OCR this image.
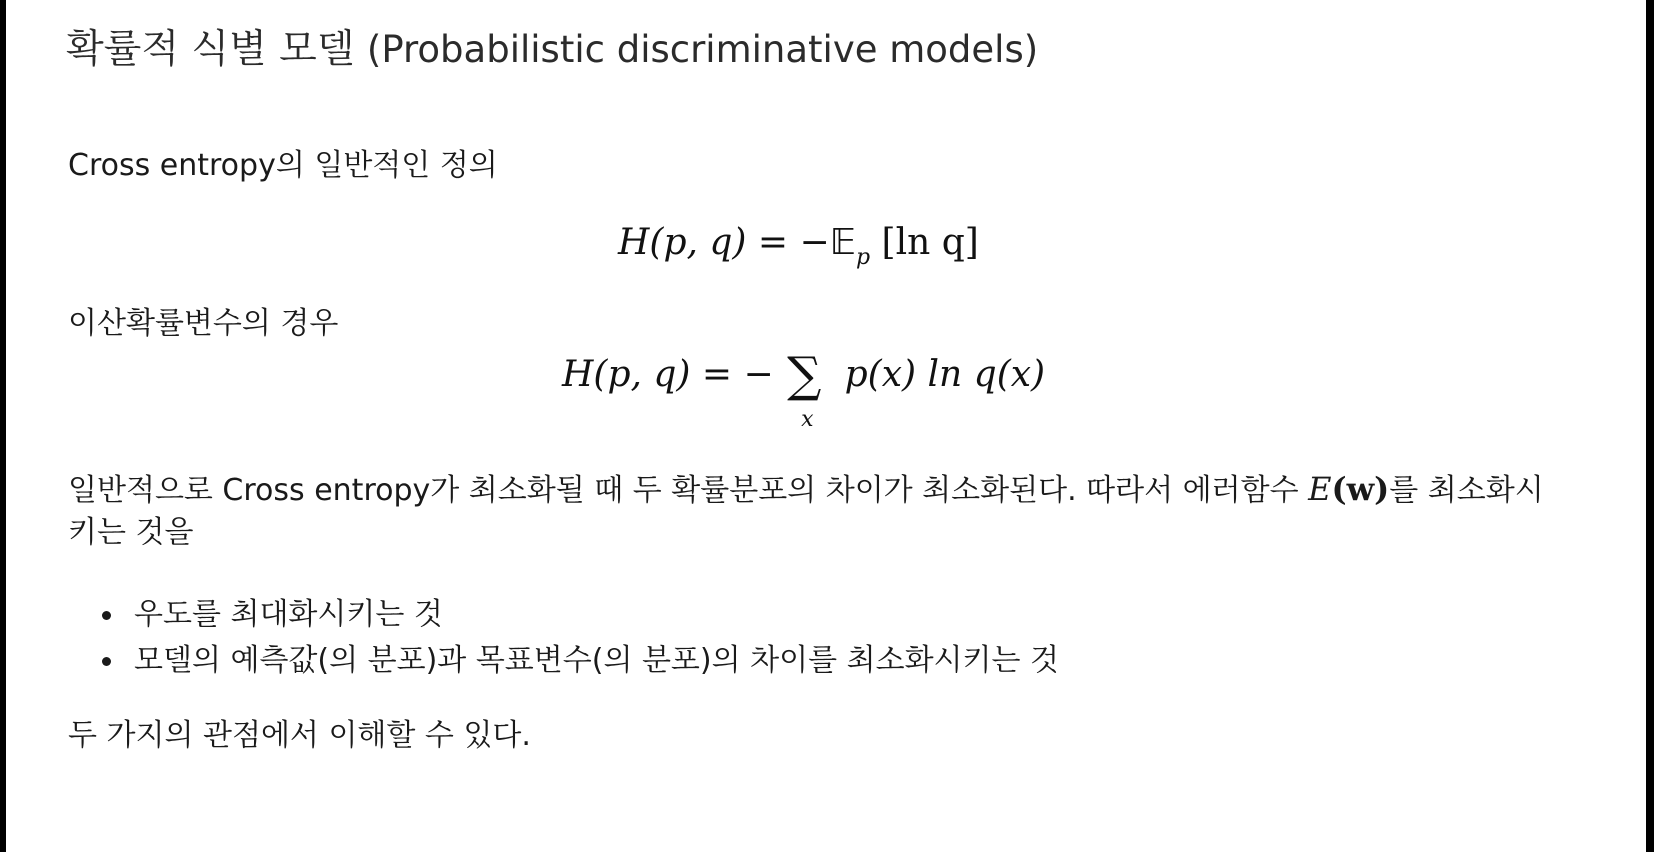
확률적 식별 모델 (Probabilistic discriminative models)
Cross entropy의 일반적인 정의
H(p, q) = −𝔼$_p$ [ln q]
이산확률변수의 경우
H(p, q) = − ∑
x
p(x) ln q(x)
일반적으로 Cross entropy가 최소화될 때 두 확률분포의 차이가 최소화된다. 따라서 에러함수 E(w)를 최소화시
키는 것을
우도를 최대화시키는 것
모델의 예측값(의 분포)과 목표변수(의 분포)의 차이를 최소화시키는 것
두 가지의 관점에서 이해할 수 있다.
